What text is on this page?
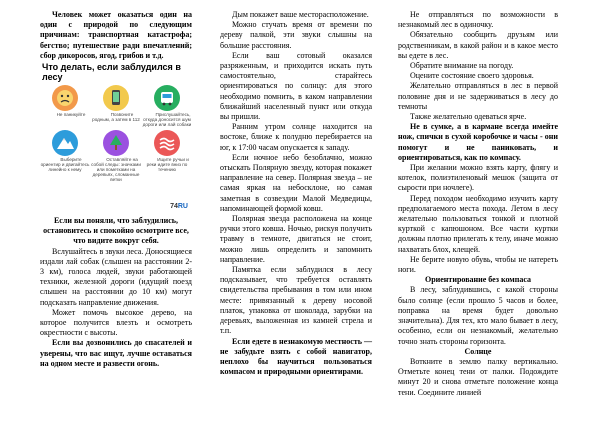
Человек может оказаться один на один с природой по следующим причинам: транспортная катастрофа; бегство; путешествие ради впечатлений; сбор дикоросов, ягод, грибов и т.д.

Что делать, если заблудился в лесу

Не паникуйте	Позвоните родным, а затем в 112

Прислушайтесь, откуда доносится шум дороги или лай собаки

Выберите ориентир и двигайтесь линейно к нему

Оставляйте на собой следы: значками или пометками на деревьях, сломанные ветки

Ищите ручьи и реки идите вниз по течению

74RU

Если вы поняли, что заблудились, остановитесь и спокойно осмотрите все, что видите вокруг себя.

Вслушайтесь в звуки леса. Доносящиеся издали лай собак (слышен на расстоянии 2-3 км), голоса людей, звуки работающей техники, железной дороги (идущий поезд слышен на расстоянии до 10 км) могут подсказать направление движения.

Может помочь высокое дерево, на которое получится влезть и осмотреть окрестности с высоты.

Если вы дозвонились до спасателей и уверены, что вас ищут, лучше оставаться на одном месте и развести огонь.

Дым покажет ваше месторасположение.

Можно стучать время от времени по дереву палкой, эти звуки слышны на большие расстояния.

Если ваш сотовый оказался разряженным, и приходится искать путь самостоятельно, старайтесь ориентироваться по солнцу: для этого необходимо помнить, в каком направлении ближайший населенный пункт или откуда вы пришли.

Ранним утром солнце находится на востоке, ближе к полудню перебирается на юг, к 17:00 часам опускается к западу.

Если ночное небо безоблачно, можно отыскать Полярную звезду, которая покажет направление на север. Полярная звезда – не самая яркая на небосклоне, но самая заметная в созвездии Малой Медведицы, напоминающей формой ковш.

Полярная звезда расположена на конце ручки этого ковша. Ночью, рискуя получить травму в темноте, двигаться не стоит, можно лишь определить и запомнить направление.

Памятка если заблудился в лесу подсказывает, что требуется оставлять свидетельства пребывания в том или ином месте: привязанный к дереву носовой платок, упаковка от шоколада, зарубки на деревьях, выложенная из камней стрела и т.п.

Если едете в незнакомую местность — не забудьте взять с собой навигатор, неплохо бы научиться пользоваться компасом и природными ориентирами.

Не отправляться по возможности в незнакомый лес в одиночку.

Обязательно сообщить друзьям или родственникам, в какой район и в какое место вы едете в лес.

Обратите внимание на погоду.

Оцените состояние своего здоровья.

Желательно отправляться в лес в первой половине дня и не задерживаться в лесу до темноты

Также желательно одеваться ярче.

Не в сумке, а в кармане всегда имейте нож, спички в сухой коробочке и часы - они помогут и не паниковать, и ориентироваться, как по компасу.

При желании можно взять карту, флягу и котелок, полиэтиленовый мешок (защита от сырости при ночлеге).

Перед походом необходимо изучить карту предполагаемого места похода. Летом в лесу желательно пользоваться тонкой и плотной курткой с капюшоном. Все части куртки должны плотно прилегать к телу, иначе можно нахватать блох, клещей.

Не берите новую обувь, чтобы не натереть ноги.

Ориентирование без компаса

В лесу, заблудившись, с какой стороны было солнце (если прошло 5 часов и более, поправка на время будет довольно значительна). Для тех, кто мало бывает в лесу, особенно, если он незнакомый, желательно точно знать стороны горизонта.

Солнце

Воткните в землю палку вертикально. Отметьте конец тени от палки. Подождите минут 20 и снова отметьте положение конца тени. Соедините линией
